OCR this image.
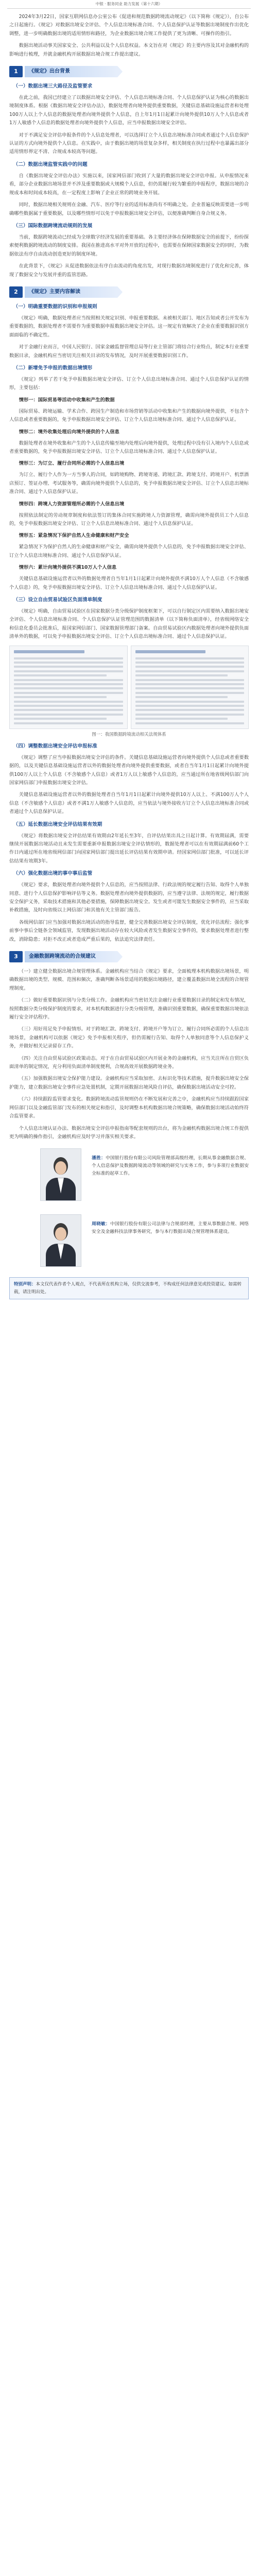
中银 · 服务同业 助力发展（第十六期）

2024年3月22日，国家互联网信息办公室公布《促进和规范数据跨境流动规定》（以下简称《规定》），自公布之日起施行。《规定》对数据出境安全评估、个人信息出境标准合同、个人信息保护认证等数据出境制度作出优化调整，进一步明确数据出境的适用情形和路径，为企业数据出境合规工作提供了更为清晰、可操作的指引。

数据出境活动事关国家安全、公共利益以及个人信息权益。本文旨在对《规定》的主要内容及其对金融机构的影响进行梳理，并就金融机构开展数据出境合规工作提出建议。

1	《规定》出台背景
（一）数据出境三大路径及监管要求

在此之前，我国已经建立了以数据出境安全评估、个人信息出境标准合同、个人信息保护认证为核心的数据出境制度体系。根据《数据出境安全评估办法》，数据处理者向境外提供重要数据，关键信息基础设施运营者和处理100万人以上个人信息的数据处理者向境外提供个人信息，自上年1月1日起累计向境外提供10万人个人信息或者1万人敏感个人信息的数据处理者向境外提供个人信息，应当申报数据出境安全评估。

对于不满足安全评估申报条件的个人信息处理者，可以选择订立个人信息出境标准合同或者通过个人信息保护认证的方式向境外提供个人信息。在实践中，由于数据出境的场景复杂多样，相关制度在执行过程中也暴露出部分适用情形界定不清、合规成本较高等问题。

（二）数据出境监管实践中的问题

自《数据出境安全评估办法》实施以来，国家网信部门收到了大量的数据出境安全评估申报。从申报情况来看，部分企业数据出境场景并不涉及重要数据或大规模个人信息，但仍需履行较为繁重的申报程序，数据出境的合规成本和时间成本较高，在一定程度上影响了企业正常的跨境业务开展。

同时，数据出境相关规则在金融、汽车、医疗等行业的适用标准尚有不明确之处。企业普遍反映需要进一步明确哪些数据属于重要数据，以及哪些情形可以免于申报数据出境安全评估，以便准确判断自身合规义务。

（三）国际数据跨境流动规则的发展

当前，数据跨境流动已经成为全球数字经济发展的重要基础。各主要经济体在保障数据安全的前提下，纷纷探索便利数据跨境流动的制度安排。我国在推进高水平对外开放的过程中，也需要在保障国家数据安全的同时，为数据依法有序自由流动创造更好的制度环境。

在此背景下，《规定》从促进数据依法有序自由流动的角度出发，对现行数据出境制度进行了优化和完善，体现了数据安全与发展并重的监管思路。

2	《规定》主要内容解读
（一）明确重要数据的识别和申报规则

《规定》明确，数据处理者应当按照相关规定识别、申报重要数据。未被相关部门、地区告知或者公开发布为重要数据的，数据处理者不需要作为重要数据申报数据出境安全评估。这一规定有效解决了企业在重要数据识别方面面临的不确定性。

对于金融行业而言，中国人民银行、国家金融监督管理总局等行业主管部门将结合行业特点，制定本行业重要数据目录，金融机构应当密切关注相关目录的发布情况，及时开展重要数据识别工作。

（二）新增免予申报的数据出境情形

《规定》列举了若干免予申报数据出境安全评估、订立个人信息出境标准合同、通过个人信息保护认证的情形，主要包括：

情形一：国际贸易等活动中收集和产生的数据

国际贸易、跨境运输、学术合作、跨国生产制造和市场营销等活动中收集和产生的数据向境外提供，不包含个人信息或者重要数据的，免予申报数据出境安全评估、订立个人信息出境标准合同、通过个人信息保护认证。

情形二：境外收集处理后向境外提供的个人信息

数据处理者在境外收集和产生的个人信息传输至境内处理后向境外提供，处理过程中没有引入境内个人信息或者重要数据的，免予申报数据出境安全评估、订立个人信息出境标准合同、通过个人信息保护认证。

情形三：为订立、履行合同所必需的个人信息出境

为订立、履行个人作为一方当事人的合同，如跨境购物、跨境寄递、跨境汇款、跨境支付、跨境开户、机票酒店预订、签证办理、考试服务等，确需向境外提供个人信息的，免予申报数据出境安全评估、订立个人信息出境标准合同、通过个人信息保护认证。

情形四：跨境人力资源管理所必需的个人信息出境

按照依法制定的劳动规章制度和依法签订的集体合同实施跨境人力资源管理，确需向境外提供员工个人信息的，免予申报数据出境安全评估、订立个人信息出境标准合同、通过个人信息保护认证。

情形五：紧急情况下保护自然人生命健康和财产安全

紧急情况下为保护自然人的生命健康和财产安全，确需向境外提供个人信息的，免予申报数据出境安全评估、订立个人信息出境标准合同、通过个人信息保护认证。

情形六：累计向境外提供不满10万人个人信息

关键信息基础设施运营者以外的数据处理者自当年1月1日起累计向境外提供不满10万人个人信息（不含敏感个人信息）的，免予申报数据出境安全评估、订立个人信息出境标准合同、通过个人信息保护认证。

（三）设立自由贸易试验区负面清单制度

《规定》明确，自由贸易试验区在国家数据分类分级保护制度框架下，可以自行制定区内需要纳入数据出境安全评估、个人信息出境标准合同、个人信息保护认证管理范围的数据清单（以下简称负面清单），经省级网络安全和信息化委员会批准后，报国家网信部门、国家数据管理部门备案。自由贸易试验区内数据处理者向境外提供负面清单外的数据，可以免予申报数据出境安全评估、订立个人信息出境标准合同、通过个人信息保护认证。

图一：我国数据跨境流动相关法规体系
（四）调整数据出境安全评估申报标准

《规定》调整了应当申报数据出境安全评估的条件。关键信息基础设施运营者向境外提供个人信息或者重要数据的，以及关键信息基础设施运营者以外的数据处理者向境外提供重要数据，或者自当年1月1日起累计向境外提供100万人以上个人信息（不含敏感个人信息）或者1万人以上敏感个人信息的，应当通过所在地省级网信部门向国家网信部门申报数据出境安全评估。

关键信息基础设施运营者以外的数据处理者自当年1月1日起累计向境外提供10万人以上、不满100万人个人信息（不含敏感个人信息）或者不满1万人敏感个人信息的，应当依法与境外接收方订立个人信息出境标准合同或者通过个人信息保护认证。

（五）延长数据出境安全评估结果有效期

《规定》将数据出境安全评估结果有效期由2年延长至3年，自评估结果出具之日起计算。有效期届满，需要继续开展数据出境活动且未发生需要重新申报数据出境安全评估情形的，数据处理者可以在有效期届满前60个工作日内通过所在地省级网信部门向国家网信部门提出延长评估结果有效期申请。经国家网信部门批准，可以延长评估结果有效期3年。

（六）强化数据出境的事中事后监管

《规定》要求，数据处理者向境外提供个人信息的，应当按照法律、行政法规的规定履行告知、取得个人单独同意、进行个人信息保护影响评估等义务。数据处理者向境外提供数据的，应当遵守法律、法规的规定，履行数据安全保护义务，采取技术措施和其他必要措施，保障数据出境安全。发生或者可能发生数据安全事件的，应当采取补救措施，及时向省级以上网信部门和其他有关主管部门报告。

各级网信部门应当加强对数据出境活动的指导监督，健全完善数据出境安全评估制度，优化评估流程；强化事前事中事后全链条全领域监管，发现数据出境活动存在较大风险或者发生数据安全事件的，要求数据处理者进行整改，消除隐患；对拒不改正或者造成严重后果的，依法追究法律责任。

3	金融数据跨境流动的合规建议

（一）建立健全数据出境合规管理体系。金融机构应当结合《规定》要求，全面梳理本机构数据出境场景，明确数据出境的类型、规模、范围和频次，准确判断各场景适用的数据出境路径，建立覆盖数据出境全流程的合规管理制度。

（二）做好重要数据识别与分类分级工作。金融机构应当密切关注金融行业重要数据目录的制定和发布情况，按照数据分类分级保护制度的要求，对本机构数据进行分类分级管理，准确识别重要数据，确保重要数据出境依法履行安全评估程序。

（三）用好用足免予申报情形。对于跨境汇款、跨境支付、跨境开户等为订立、履行合同所必需的个人信息出境场景，金融机构可以依据《规定》免予申报相关程序，但仍需履行告知、取得个人单独同意等个人信息保护义务，并做好相关记录留存工作。

（四）关注自由贸易试验区政策动态。对于在自由贸易试验区内开展业务的金融机构，应当关注所在自贸区负面清单的制定情况，充分利用负面清单制度便利，合规高效开展数据跨境业务。

（五）加强数据出境安全保护能力建设。金融机构应当采取加密、去标识化等技术措施，提升数据出境安全保护能力，建立数据出境安全事件应急处置机制，定期开展数据出境风险自评估，确保数据出境活动安全可控。

（六）持续跟踪监管要求变化。数据跨境流动监管规则仍在不断发展和完善之中，金融机构应当持续跟踪国家网信部门以及金融监管部门发布的相关规定和指引，及时调整本机构数据出境合规策略，确保数据出境活动始终符合监管要求。

个人信息出境认证办法、数据出境安全评估申报指南等配套规则的出台，将为金融机构数据出境合规工作提供更为明确的操作指引，金融机构应及时学习并落实相关要求。

潘胜：中国银行股份有限公司风险管理部高级经理，长期从事金融数据合规、个人信息保护及数据跨境流动等领域的研究与实务工作，参与多项行业数据安全标准的起草工作。
周晓敏：中国银行股份有限公司法律与合规部经理，主要从事数据合规、网络安全及金融科技法律事务研究，参与本行数据出境合规管理体系建设。
特别声明：本文仅代表作者个人观点，不代表所在机构立场，仅供交流参考，不构成任何法律意见或投资建议。如需转载，请注明出处。
